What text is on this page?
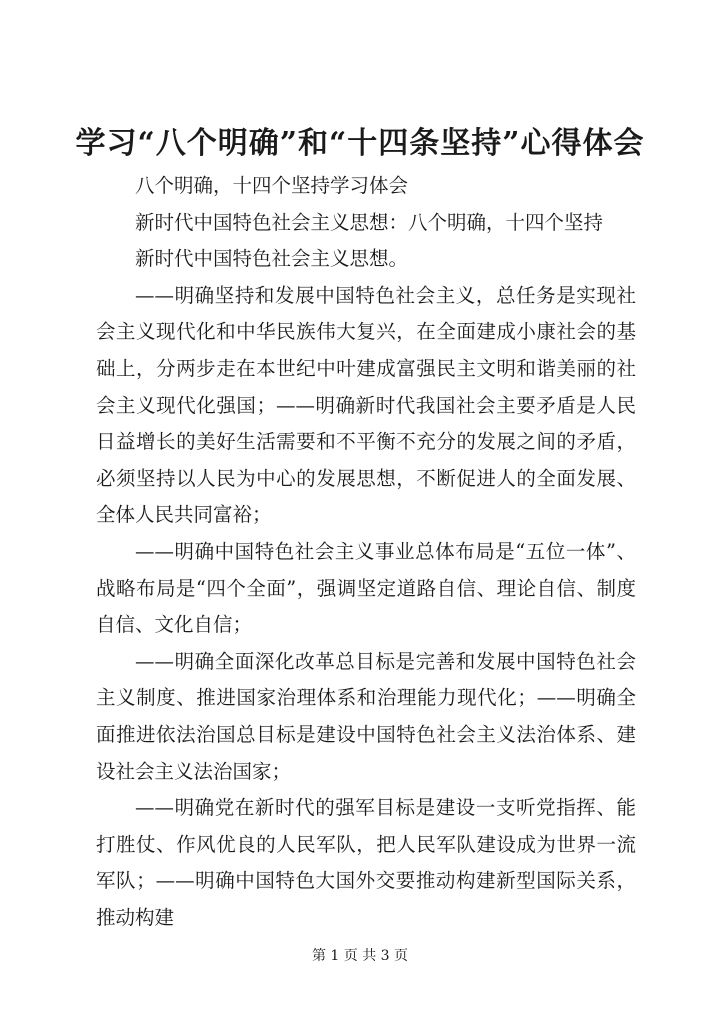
学习“八个明确”和“十四条坚持”心得体会

八个明确，十四个坚持学习体会

新时代中国特色社会主义思想：八个明确，十四个坚持

新时代中国特色社会主义思想。

——明确坚持和发展中国特色社会主义，总任务是实现社会主义现代化和中华民族伟大复兴，在全面建成小康社会的基础上，分两步走在本世纪中叶建成富强民主文明和谐美丽的社会主义现代化强国；——明确新时代我国社会主要矛盾是人民日益增长的美好生活需要和不平衡不充分的发展之间的矛盾，必须坚持以人民为中心的发展思想，不断促进人的全面发展、全体人民共同富裕；

——明确中国特色社会主义事业总体布局是“五位一体”、战略布局是“四个全面”，强调坚定道路自信、理论自信、制度自信、文化自信；

——明确全面深化改革总目标是完善和发展中国特色社会主义制度、推进国家治理体系和治理能力现代化；——明确全面推进依法治国总目标是建设中国特色社会主义法治体系、建设社会主义法治国家；

——明确党在新时代的强军目标是建设一支听党指挥、能打胜仗、作风优良的人民军队，把人民军队建设成为世界一流军队；——明确中国特色大国外交要推动构建新型国际关系，推动构建

第 1 页 共 3 页
